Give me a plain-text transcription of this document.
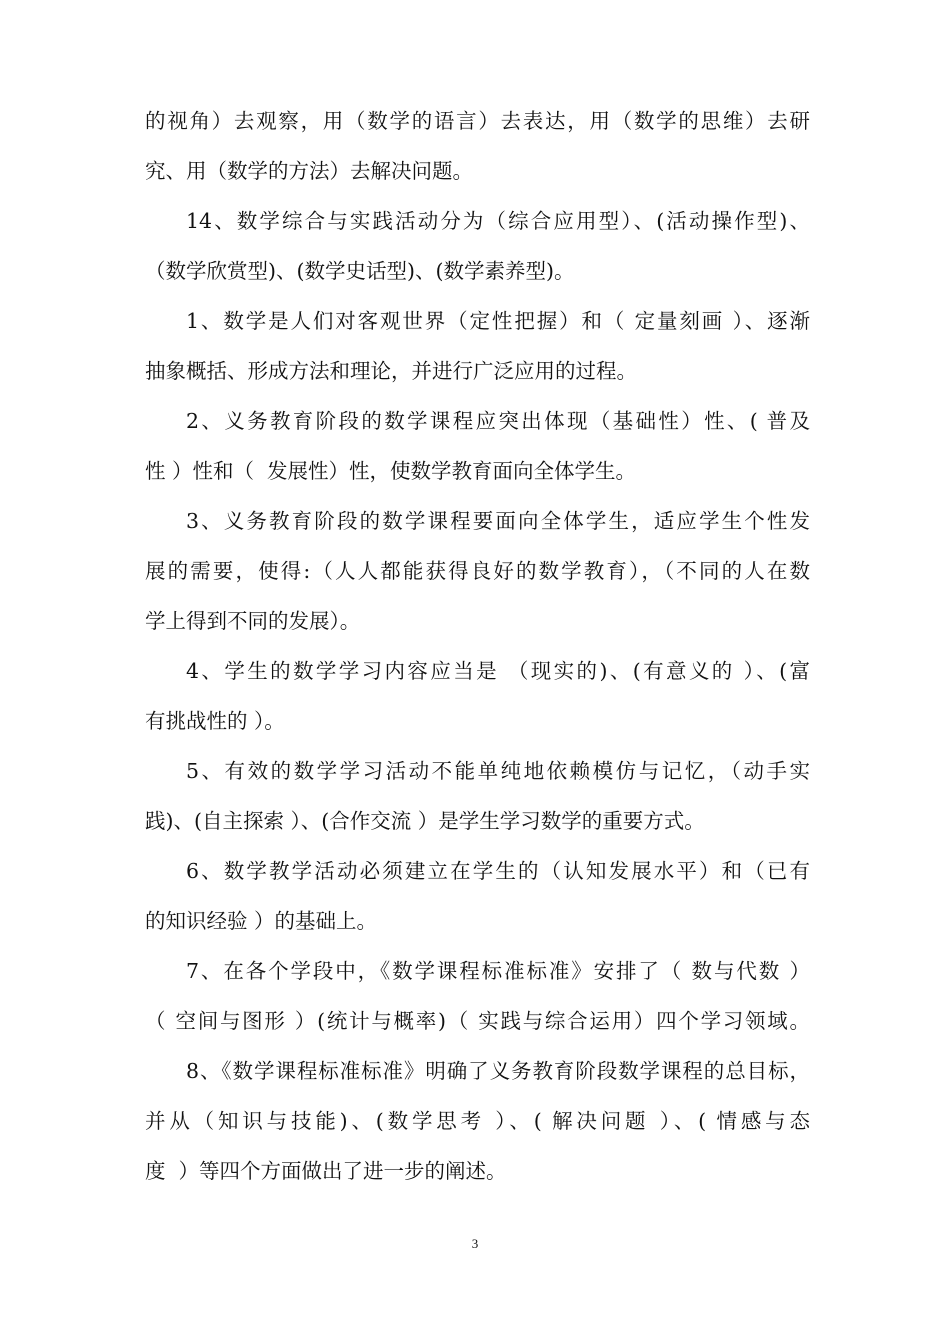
的视角）去观察，用（数学的语言）去表达，用（数学的思维）去研
究、用（数学的方法）去解决问题。
14、数学综合与实践活动分为（综合应用型）、(活动操作型)、
（数学欣赏型)、(数学史话型)、(数学素养型)。
1、数学是人们对客观世界（定性把握）和（ 定量刻画 ）、逐渐
抽象概括、形成方法和理论，并进行广泛应用的过程。
2、义务教育阶段的数学课程应突出体现（基础性）性、( 普及
性 ）性和（  发展性）性，使数学教育面向全体学生。
3、义务教育阶段的数学课程要面向全体学生，适应学生个性发
展的需要，使得:（人人都能获得良好的数学教育），（不同的人在数
学上得到不同的发展）。
4、学生的数学学习内容应当是 （现实的)、(有意义的 ）、(富
有挑战性的 ）。
5、有效的数学学习活动不能单纯地依赖模仿与记忆，（动手实
践)、(自主探索 ）、(合作交流 ）是学生学习数学的重要方式。
6、数学教学活动必须建立在学生的（认知发展水平）和（已有
的知识经验 ）的基础上。
7、在各个学段中，《数学课程标准标准》安排了（ 数与代数 ）
（ 空间与图形 ）(统计与概率)（ 实践与综合运用）四个学习领域。
8、《数学课程标准标准》明确了义务教育阶段数学课程的总目标，
并从（知识与技能)、(数学思考 ）、( 解决问题 ）、( 情感与态
度  ）等四个方面做出了进一步的阐述。
3
